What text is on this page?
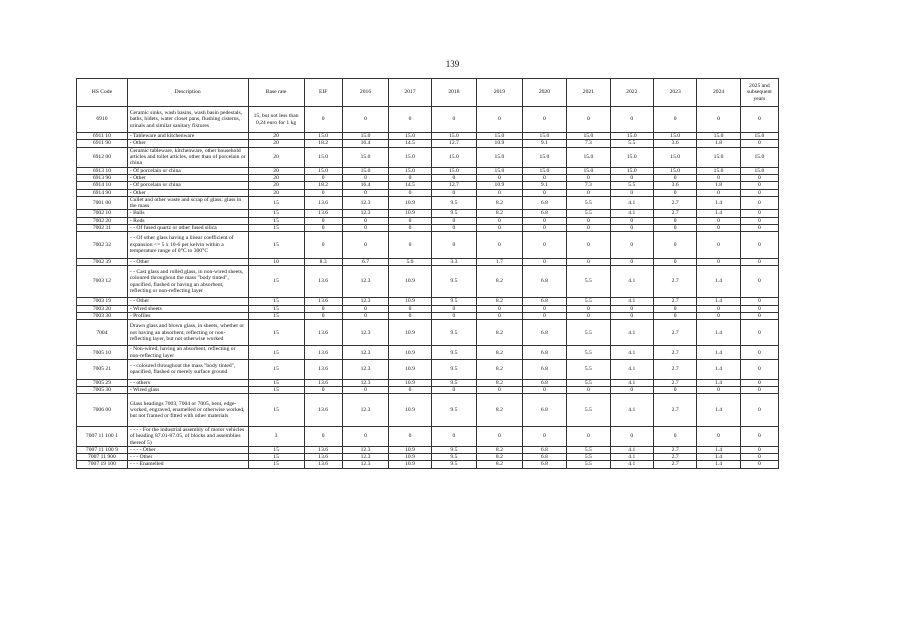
139
HS Code	Description	Base rate	EIF	2016	2017	2018	2019	2020	2021	2022	2023	2024	2025 and subsequent years
6910	Ceramic sinks, wash basins, wash basin pedestals, baths, bidets, water closet pans, flushing cisterns, urinals and similar sanitary fixtures	15, but not less than 0,24 euro for 1 kg	0	0	0	0	0	0	0	0	0	0	0
6911 10	- Tableware and kitchenware	20	15.0	15.0	15.0	15.0	15.0	15.0	15.0	15.0	15.0	15.0	15.0
6911 90	- Other	20	18.2	16.4	14.5	12.7	10.9	9.1	7.3	5.5	3.6	1.8	0
6912 00	Ceramic tableware, kitchenware, other household articles and toilet articles, other than of porcelain or china	20	15.0	15.0	15.0	15.0	15.0	15.0	15.0	15.0	15.0	15.0	15.0
6913 10	- Of porcelain or china	20	15.0	15.0	15.0	15.0	15.0	15.0	15.0	15.0	15.0	15.0	15.0
6913 90	- Other	20	0	0	0	0	0	0	0	0	0	0	0
6914 10	- Of porcelain or china	20	18.2	16.4	14.5	12.7	10.9	9.1	7.3	5.5	3.6	1.8	0
6914 90	- Other	20	0	0	0	0	0	0	0	0	0	0	0
7001 00	Cullet and other waste and scrap of glass; glass in the mass	15	13.6	12.3	10.9	9.5	8.2	6.8	5.5	4.1	2.7	1.4	0
7002 10	- Balls	15	13.6	12.3	10.9	9.5	8.2	6.8	5.5	4.1	2.7	1.4	0
7002 20	- Rods	15	0	0	0	0	0	0	0	0	0	0	0
7002 31	- - Of fused quartz or other fused silica	15	0	0	0	0	0	0	0	0	0	0	0
7002 32	- - Of other glass having a linear coefficient of expansion <= 5 x 10-6 per kelvin within a temperature range of 0°C to 300°C	15	0	0	0	0	0	0	0	0	0	0	0
7002 39	- - Other	10	8.3	6.7	5.0	3.3	1.7	0	0	0	0	0	0
7003 12	- - Cast glass and rolled glass, in non-wired sheets, coloured throughout the mass "body tinted", opacified, flashed or having an absorbent, reflecting or non-reflecting layer	15	13.6	12.3	10.9	9.5	8.2	6.8	5.5	4.1	2.7	1.4	0
7003 19	- - Other	15	13.6	12.3	10.9	9.5	8.2	6.8	5.5	4.1	2.7	1.4	0
7003 20	- Wired sheets	15	0	0	0	0	0	0	0	0	0	0	0
7003 30	- Profiles	15	0	0	0	0	0	0	0	0	0	0	0
7004	Drawn glass and blown glass, in sheets, whether or not having an absorbent, reflecting or non-reflecting layer, but not otherwise worked	15	13.6	12.3	10.9	9.5	8.2	6.8	5.5	4.1	2.7	1.4	0
7005 10	- Non-wired, having an absorbent, reflecting or non-reflecting layer	15	13.6	12.3	10.9	9.5	8.2	6.8	5.5	4.1	2.7	1.4	0
7005 21	- - coloured throughout the mass "body tinted", opacified, flashed or merely surface ground	15	13.6	12.3	10.9	9.5	8.2	6.8	5.5	4.1	2.7	1.4	0
7005 29	- - others	15	13.6	12.3	10.9	9.5	8.2	6.8	5.5	4.1	2.7	1.4	0
7005 30	- Wired glass	15	0	0	0	0	0	0	0	0	0	0	0
7006 00	Glass headings 7003, 7004 or 7005, bent, edge-worked, engraved, enamelled or otherwise worked, but not framed or fitted with other materials	15	13.6	12.3	10.9	9.5	8.2	6.8	5.5	4.1	2.7	1.4	0
7007 11 100 1	- - - - For the industrial assembly of motor vehicles of heading 87.01-87.05, of blocks and assemblies thereof 5)	3	0	0	0	0	0	0	0	0	0	0	0
7007 11 100 9	- - - - Other	15	13.6	12.3	10.9	9.5	8.2	6.8	5.5	4.1	2.7	1.4	0
7007 11 900	- - - Other	15	13.6	12.3	10.9	9.5	8.2	6.8	5.5	4.1	2.7	1.4	0
7007 19 100	- - - Enamelled	15	13.6	12.3	10.9	9.5	8.2	6.8	5.5	4.1	2.7	1.4	0
